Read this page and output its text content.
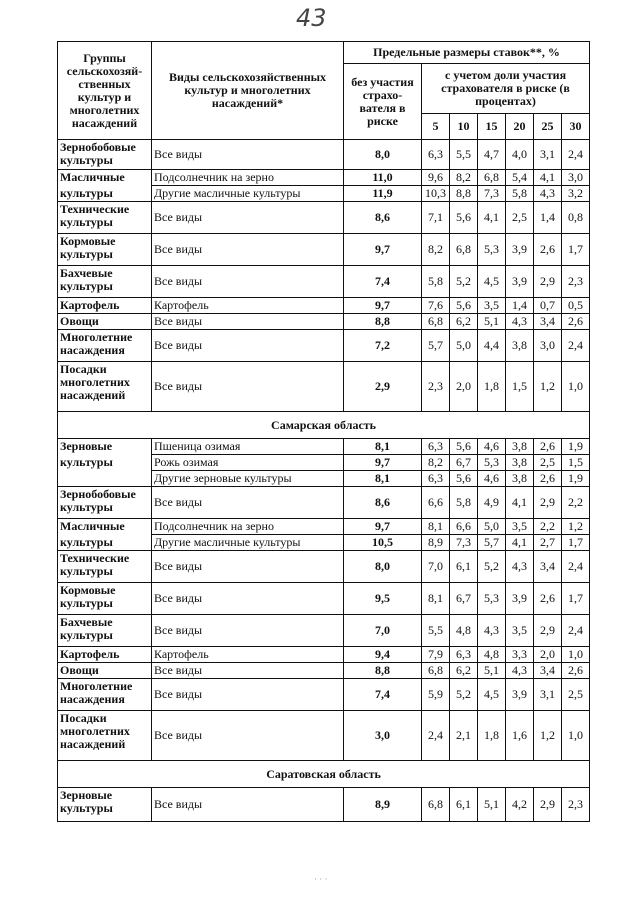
43
Группы сельскохозяй-ственных культур и многолетних насаждений	Виды сельскохозяйственных культур и многолетних насаждений*	Предельные размеры ставок**, %						
		без участия страхо-вателя в риске	с учетом доли участия страхователя в риске (в процентах)					
			5	10	15	20	25	30
Зернобобовые культуры	Все виды	8,0	6,3	5,5	4,7	4,0	3,1	2,4
Масличные	Подсолнечник на зерно	11,0	9,6	8,2	6,8	5,4	4,1	3,0
культуры	Другие масличные культуры	11,9	10,3	8,8	7,3	5,8	4,3	3,2
Технические культуры	Все виды	8,6	7,1	5,6	4,1	2,5	1,4	0,8
Кормовые культуры	Все виды	9,7	8,2	6,8	5,3	3,9	2,6	1,7
Бахчевые культуры	Все виды	7,4	5,8	5,2	4,5	3,9	2,9	2,3
Картофель	Картофель	9,7	7,6	5,6	3,5	1,4	0,7	0,5
Овощи	Все виды	8,8	6,8	6,2	5,1	4,3	3,4	2,6
Многолетние насаждения	Все виды	7,2	5,7	5,0	4,4	3,8	3,0	2,4
Посадки многолетних насаждений	Все виды	2,9	2,3	2,0	1,8	1,5	1,2	1,0
Самарская область								
Зерновые	Пшеница озимая	8,1	6,3	5,6	4,6	3,8	2,6	1,9
культуры	Рожь озимая	9,7	8,2	6,7	5,3	3,8	2,5	1,5
	Другие зерновые культуры	8,1	6,3	5,6	4,6	3,8	2,6	1,9
Зернобобовые культуры	Все виды	8,6	6,6	5,8	4,9	4,1	2,9	2,2
Масличные	Подсолнечник на зерно	9,7	8,1	6,6	5,0	3,5	2,2	1,2
культуры	Другие масличные культуры	10,5	8,9	7,3	5,7	4,1	2,7	1,7
Технические культуры	Все виды	8,0	7,0	6,1	5,2	4,3	3,4	2,4
Кормовые культуры	Все виды	9,5	8,1	6,7	5,3	3,9	2,6	1,7
Бахчевые культуры	Все виды	7,0	5,5	4,8	4,3	3,5	2,9	2,4
Картофель	Картофель	9,4	7,9	6,3	4,8	3,3	2,0	1,0
Овощи	Все виды	8,8	6,8	6,2	5,1	4,3	3,4	2,6
Многолетние насаждения	Все виды	7,4	5,9	5,2	4,5	3,9	3,1	2,5
Посадки многолетних насаждений	Все виды	3,0	2,4	2,1	1,8	1,6	1,2	1,0
Саратовская область								
Зерновые культуры	Все виды	8,9	6,8	6,1	5,1	4,2	2,9	2,3
· · ·
